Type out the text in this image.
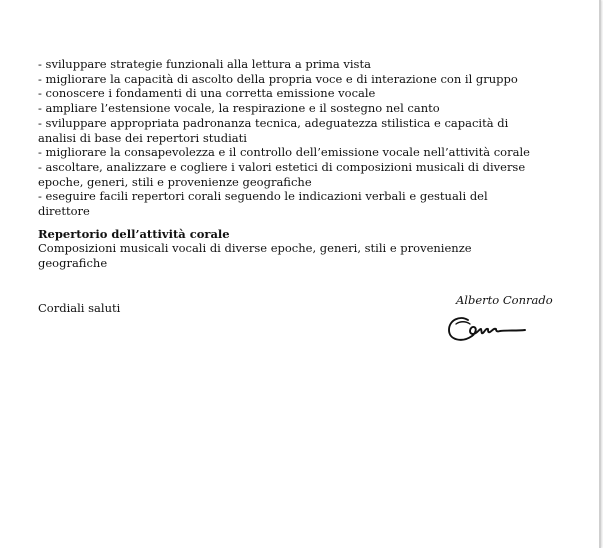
- sviluppare strategie funzionali alla lettura a prima vista

- migliorare la capacità di ascolto della propria voce e di interazione con il gruppo

- conoscere i fondamenti di una corretta emissione vocale

- ampliare l’estensione vocale, la respirazione e il sostegno nel canto

- sviluppare appropriata padronanza tecnica, adeguatezza stilistica e capacità di analisi di base dei repertori studiati

- migliorare la consapevolezza e il controllo dell’emissione vocale nell’attività corale

- ascoltare, analizzare e cogliere i valori estetici di composizioni musicali di diverse epoche, generi, stili e provenienze geografiche

- eseguire facili repertori corali seguendo le indicazioni verbali e gestuali del direttore

Repertorio dell’attività corale

Composizioni musicali vocali di diverse epoche, generi, stili e provenienze geografiche

Cordiali saluti

Alberto Conrado
